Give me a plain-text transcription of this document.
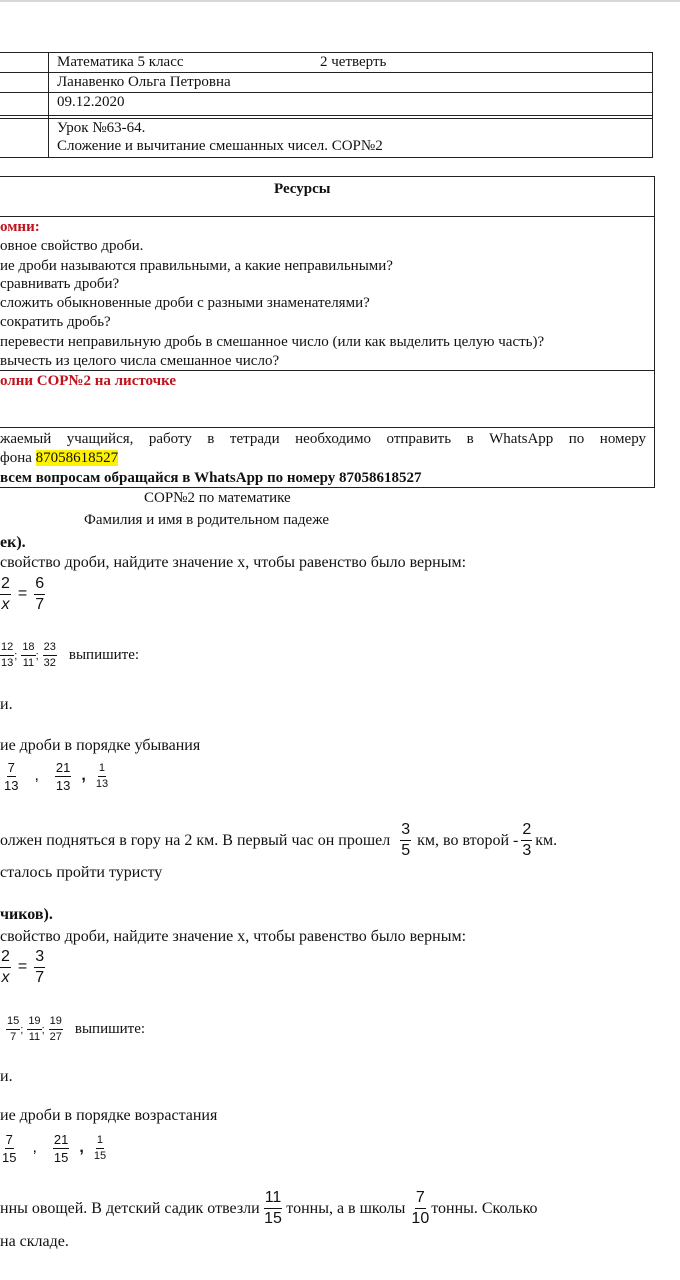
Математика 5 класс	2 четверть
Ланавенко Ольга Петровна
09.12.2020
Урок №63-64.
Сложение и вычитание смешанных чисел. СОР№2
Ресурсы
омни:
овное свойство дроби.
ие дроби называются правильными, а какие неправильными?
сравнивать дроби?
сложить обыкновенные дроби с разными знаменателями?
сократить дробь?
перевести неправильную дробь в смешанное число (или как выделить целую часть)?
вычесть из целого числа смешанное число?
олни СОР№2 на листочке
жаемый учащийся, работу в тетради необходимо отправить в WhatsApp по номеру
фона 87058618527
всем вопросам обращайся в WhatsApp по номеру 87058618527
СОР№2 по математике
Фамилия и имя в родительном падеже
ек).
свойство дроби, найдите значение x, чтобы равенство было верным:
$\frac{2}{x} = \frac{6}{7}$
$\frac{12}{13}$ ; $\frac{18}{11}$ ; $\frac{23}{32}$ выпишите:
и.
ие дроби в порядке убывания
$\frac{7}{13}$ , $\frac{21}{13}$ , $\frac{1}{13}$
олжен подняться в гору на 2 км. В первый час он прошел $\frac{3}{5}$ км, во второй - $\frac{2}{3}$ км.
сталось пройти туристу
чиков).
свойство дроби, найдите значение x, чтобы равенство было верным:
$\frac{2}{x} = \frac{3}{7}$
$\frac{15}{7}$ ; $\frac{19}{11}$ ; $\frac{19}{27}$ выпишите:
и.
ие дроби в порядке возрастания
$\frac{7}{15}$ , $\frac{21}{15}$ , $\frac{1}{15}$
нны овощей. В детский садик отвезли $\frac{11}{15}$ тонны, а в школы $\frac{7}{10}$ тонны. Сколько
на складе.
